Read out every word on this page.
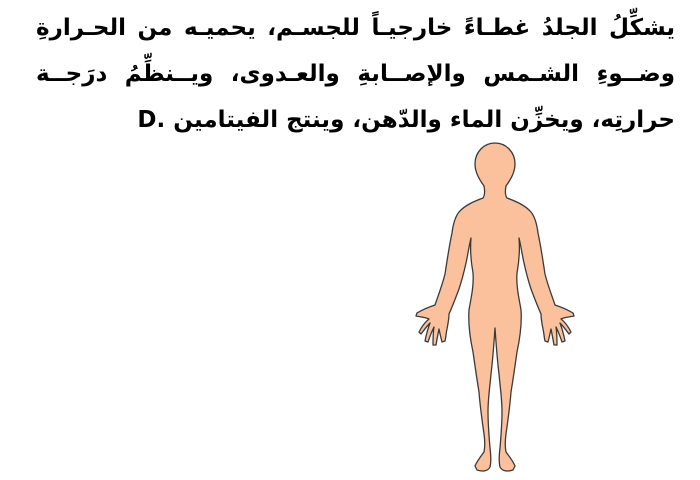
يشكِّلُ الجلدُ غطـاءً خارجيـاً للجسـم، يحميـه من الحـرارةِ
وضــوءِ الشـمس والإصــابةِ والعـدوى، ويــنظِّمُ درَجــة
حرارتِه، ويخزِّن الماء والدّهن، وينتج الفيتامين D.‎
